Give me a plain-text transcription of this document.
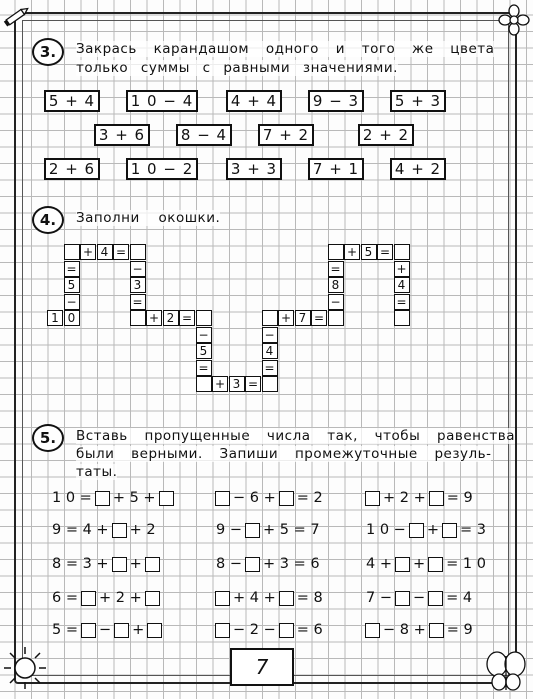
3.	Закрась карандашом одного и того же цвета
только суммы с равными значениями.
5 + 4	1 0 − 4	4 + 4	9 − 3	5 + 3
3 + 6	8 − 4	7 + 2	2 + 2
2 + 6	1 0 − 2	3 + 3	7 + 1	4 + 2
4.	Заполни окошки.
+ 4 =
=	−
5	3
−	=
1 0	+ 2 =
−
5
=
+ 3 =
=
4
−
+ 7 =
−
8
=
+ 5 =
+
4
=
5.	Вставь пропущенные числа так, чтобы равенства
были верными. Запиши промежуточные резуль-
таты.
1 0 = + 5 +
9 = 4 + + 2
8 = 3 + +
6 = + 2 +
5 = − +
− 6 + = 2
9 − + 5 = 7
8 − + 3 = 6
+ 4 + = 8
− 2 − = 6
+ 2 + = 9
1 0 − + = 3
4 + + = 1 0
7 − − = 4
− 8 + = 9
7
